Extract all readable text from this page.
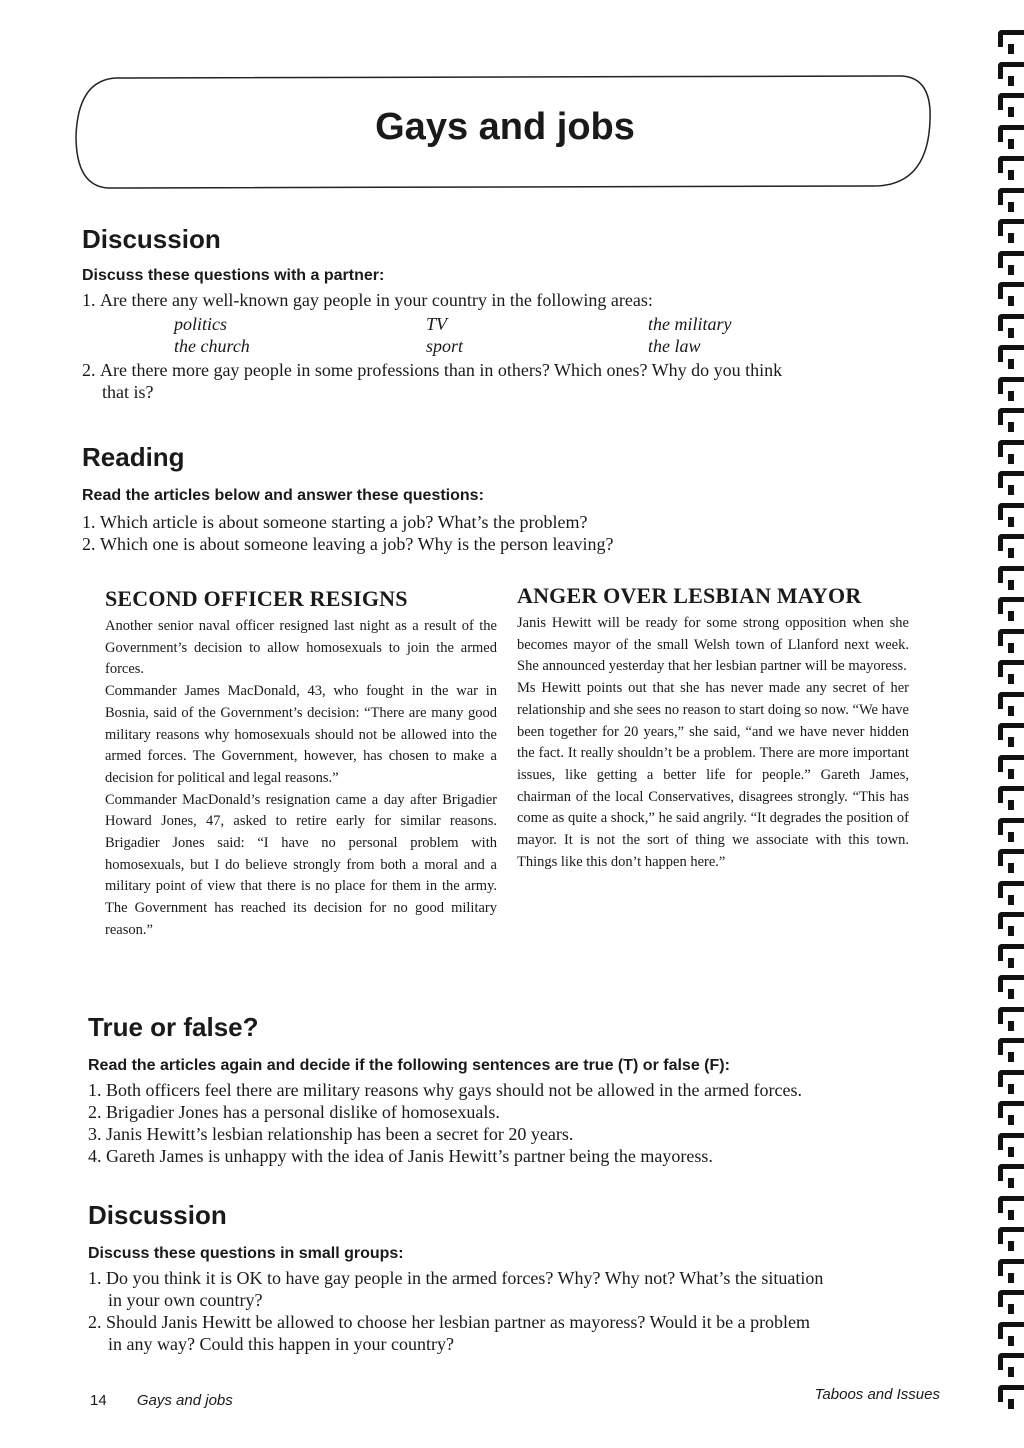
Gays and jobs
Discussion

Discuss these questions with a partner:

1. Are there any well-known gay people in your country in the following areas:

politics	TV	the military
the church	sport	the law

2. Are there more gay people in some professions than in others? Which ones? Why do you think
that is?

Reading

Read the articles below and answer these questions:

1. Which article is about someone starting a job? What’s the problem?

2. Which one is about someone leaving a job? Why is the person leaving?

SECOND OFFICER RESIGNS

Another senior naval officer resigned last night as a result of the Government’s decision to allow homosexuals to join the armed forces.

Commander James MacDonald, 43, who fought in the war in Bosnia, said of the Government’s decision: “There are many good military reasons why homosexuals should not be allowed into the armed forces. The Government, however, has chosen to make a decision for political and legal reasons.”

Commander MacDonald’s resignation came a day after Brigadier Howard Jones, 47, asked to retire early for similar reasons. Brigadier Jones said: “I have no personal problem with homosexuals, but I do believe strongly from both a moral and a military point of view that there is no place for them in the army. The Government has reached its decision for no good military reason.”

ANGER OVER LESBIAN MAYOR

Janis Hewitt will be ready for some strong opposition when she becomes mayor of the small Welsh town of Llanford next week. She announced yesterday that her lesbian partner will be mayoress.

Ms Hewitt points out that she has never made any secret of her relationship and she sees no reason to start doing so now. “We have been together for 20 years,” she said, “and we have never hidden the fact. It really shouldn’t be a problem. There are more important issues, like getting a better life for people.” Gareth James, chairman of the local Conservatives, disagrees strongly. “This has come as quite a shock,” he said angrily. “It degrades the position of mayor. It is not the sort of thing we associate with this town. Things like this don’t happen here.”

True or false?

Read the articles again and decide if the following sentences are true (T) or false (F):

1. Both officers feel there are military reasons why gays should not be allowed in the armed forces.

2. Brigadier Jones has a personal dislike of homosexuals.

3. Janis Hewitt’s lesbian relationship has been a secret for 20 years.

4. Gareth James is unhappy with the idea of Janis Hewitt’s partner being the mayoress.

Discussion

Discuss these questions in small groups:

1. Do you think it is OK to have gay people in the armed forces? Why? Why not? What’s the situation
in your own country?

2. Should Janis Hewitt be allowed to choose her lesbian partner as mayoress? Would it be a problem
in any way? Could this happen in your country?

14 Gays and jobs	Taboos and Issues
